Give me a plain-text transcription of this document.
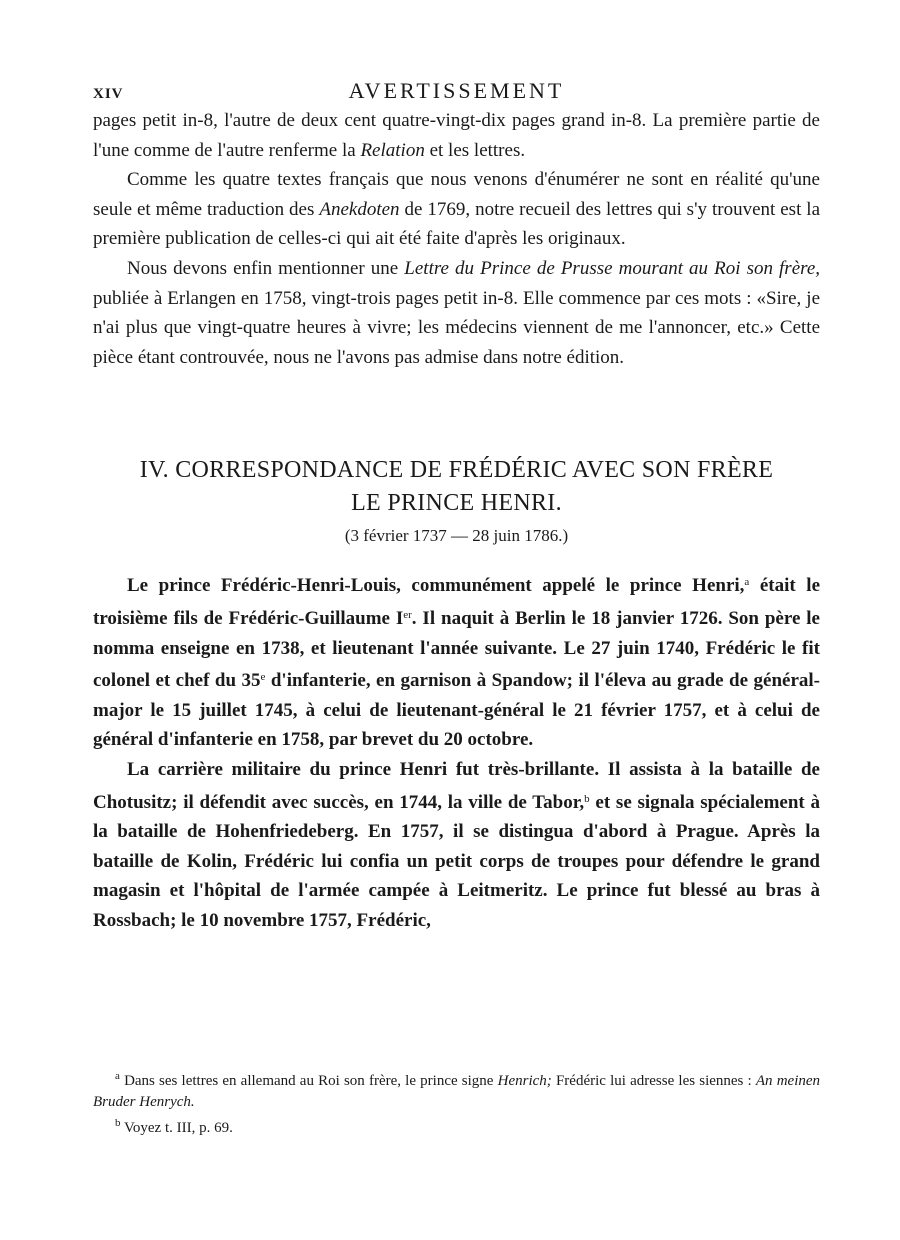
XIV	AVERTISSEMENT

pages petit in-8, l'autre de deux cent quatre-vingt-dix pages grand in-8. La première partie de l'une comme de l'autre renferme la Relation et les lettres.

Comme les quatre textes français que nous venons d'énumérer ne sont en réalité qu'une seule et même traduction des Anekdoten de 1769, notre recueil des lettres qui s'y trouvent est la première publication de celles-ci qui ait été faite d'après les originaux.

Nous devons enfin mentionner une Lettre du Prince de Prusse mourant au Roi son frère, publiée à Erlangen en 1758, vingt-trois pages petit in-8. Elle commence par ces mots : «Sire, je n'ai plus que vingt-quatre heures à vivre; les médecins viennent de me l'annoncer, etc.» Cette pièce étant controuvée, nous ne l'avons pas admise dans notre édition.

IV. CORRESPONDANCE DE FRÉDÉRIC AVEC SON FRÈRE
LE PRINCE HENRI.
(3 février 1737 — 28 juin 1786.)

Le prince Frédéric-Henri-Louis, communément appelé le prince Henri,$^a$ était le troisième fils de Frédéric-Guillaume Ier. Il naquit à Berlin le 18 janvier 1726. Son père le nomma enseigne en 1738, et lieutenant l'année suivante. Le 27 juin 1740, Frédéric le fit colonel et chef du 35e d'infanterie, en garnison à Spandow; il l'éleva au grade de général-major le 15 juillet 1745, à celui de lieutenant-général le 21 février 1757, et à celui de général d'infanterie en 1758, par brevet du 20 octobre.

La carrière militaire du prince Henri fut très-brillante. Il assista à la bataille de Chotusitz; il défendit avec succès, en 1744, la ville de Tabor,$^b$ et se signala spécialement à la bataille de Hohenfriedeberg. En 1757, il se distingua d'abord à Prague. Après la bataille de Kolin, Frédéric lui confia un petit corps de troupes pour défendre le grand magasin et l'hôpital de l'armée campée à Leitmeritz. Le prince fut blessé au bras à Rossbach; le 10 novembre 1757, Frédéric,

$^a$ Dans ses lettres en allemand au Roi son frère, le prince signe Henrich; Frédéric lui adresse les siennes : An meinen Bruder Henrych.
$^b$ Voyez t. III, p. 69.
